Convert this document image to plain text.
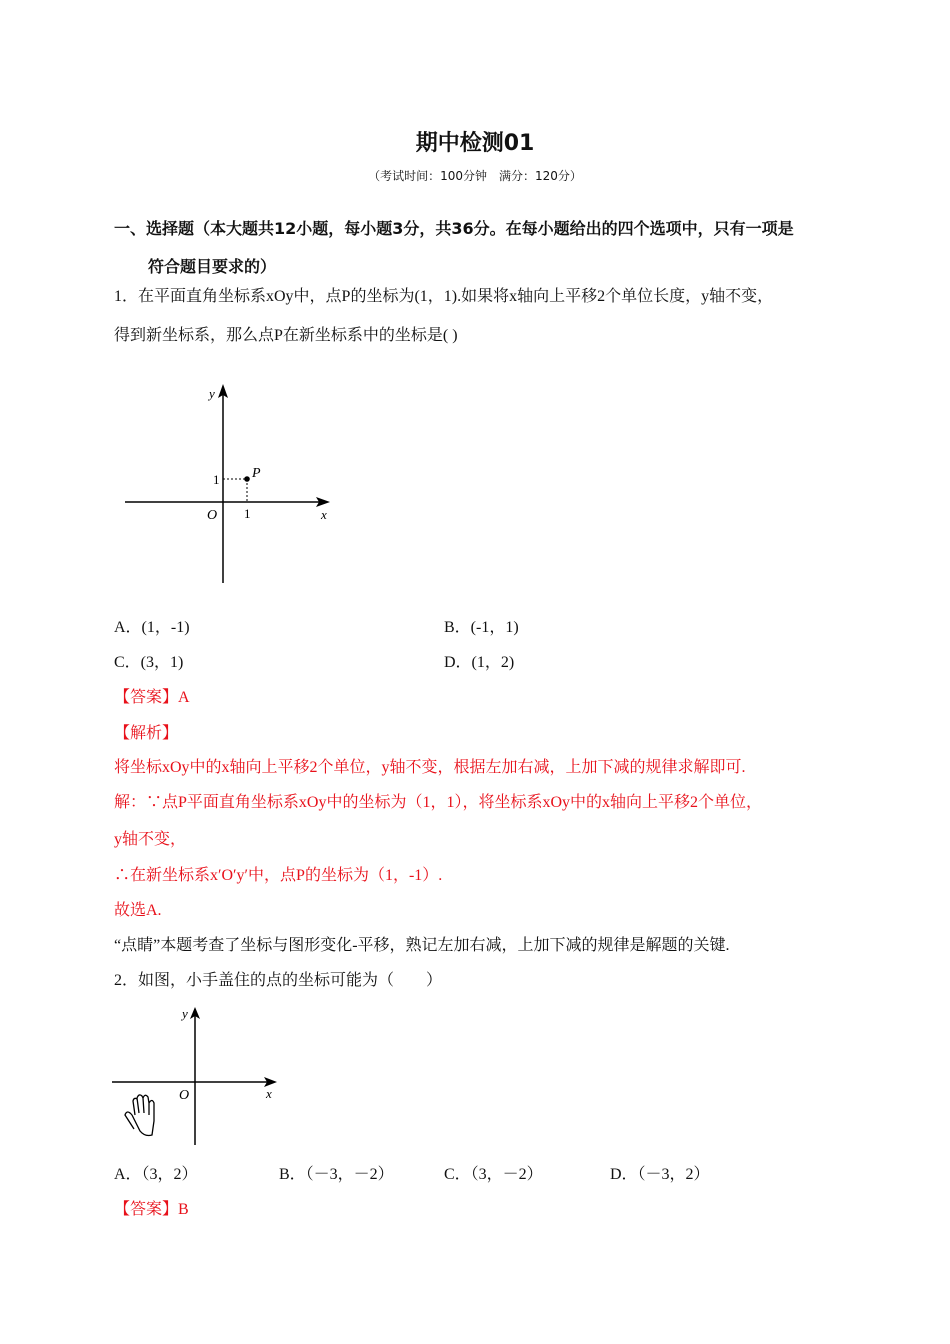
期中检测01
（考试时间：100分钟　满分：120分）
一、选择题（本大题共12小题，每小题3分，共36分。在每小题给出的四个选项中，只有一项是
符合题目要求的）
1．在平面直角坐标系xOy中，点P的坐标为(1，1).如果将x轴向上平移2个单位长度，y轴不变，
得到新坐标系，那么点P在新坐标系中的坐标是( )
y
x
O 1
1 P
A．(1，-1)	B．(-1，1)
C．(3，1)	D．(1，2)
【答案】A
【解析】
将坐标xOy中的x轴向上平移2个单位，y轴不变，根据左加右减，上加下减的规律求解即可.
解：∵点P平面直角坐标系xOy中的坐标为（1，1），将坐标系xOy中的x轴向上平移2个单位，
y轴不变，
∴在新坐标系x′O′y′中，点P的坐标为（1，-1）.
故选A.
“点睛”本题考查了坐标与图形变化-平移，熟记左加右减，上加下减的规律是解题的关键.
2．如图，小手盖住的点的坐标可能为（　　）
y
x
O
A．（3，2）	B．（－3，－2）	C．（3，－2）	D．（－3，2）
【答案】B
